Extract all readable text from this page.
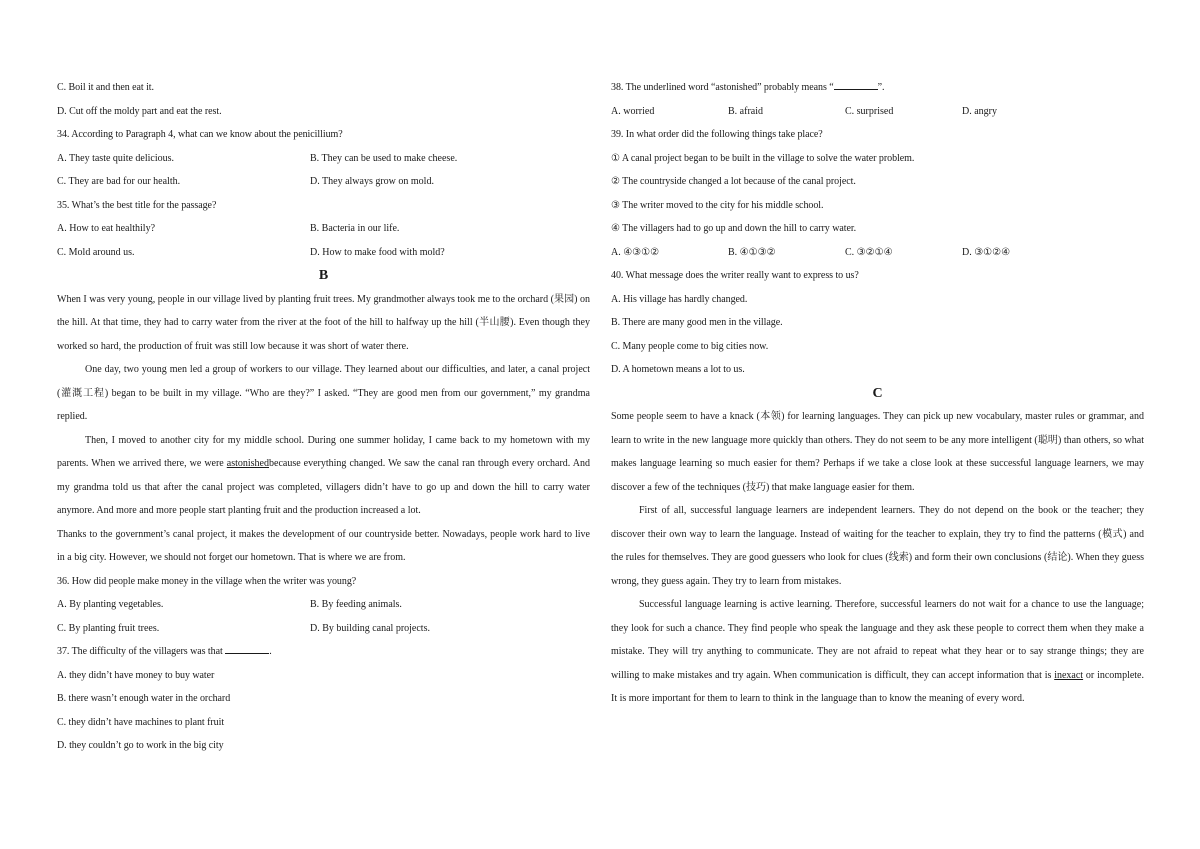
C. Boil it and then eat it.
D. Cut off the moldy part and eat the rest.
34. According to Paragraph 4, what can we know about the penicillium?
A. They taste quite delicious.	B. They can be used to make cheese.
C. They are bad for our health.	D. They always grow on mold.
35. What’s the best title for the passage?
A. How to eat healthily?	B. Bacteria in our life.
C. Mold around us.	D. How to make food with mold?
B
When I was very young, people in our village lived by planting fruit trees. My grandmother always took me to the orchard (果园) on the hill. At that time, they had to carry water from the river at the foot of the hill to halfway up the hill (半山腰). Even though they worked so hard, the production of fruit was still low because it was short of water there.
One day, two young men led a group of workers to our village. They learned about our difficulties, and later, a canal project (灌溉工程) began to be built in my village. “Who are they?” I asked. “They are good men from our government,” my grandma replied.
Then, I moved to another city for my middle school. During one summer holiday, I came back to my hometown with my parents. When we arrived there, we were astonishedbecause everything changed. We saw the canal ran through every orchard. And my grandma told us that after the canal project was completed, villagers didn’t have to go up and down the hill to carry water anymore. And more and more people start planting fruit and the production increased a lot.
Thanks to the government’s canal project, it makes the development of our countryside better. Nowadays, people work hard to live in a big city. However, we should not forget our hometown. That is where we are from.
36. How did people make money in the village when the writer was young?
A. By planting vegetables.	B. By feeding animals.
C. By planting fruit trees.	D. By building canal projects.
37. The difficulty of the villagers was that	.
A. they didn’t have money to buy water
B. there wasn’t enough water in the orchard
C. they didn’t have machines to plant fruit
D. they couldn’t go to work in the big city
38. The underlined word “astonished” probably means “	”.
A. worried	B. afraid	C. surprised	D. angry
39. In what order did the following things take place?
① A canal project began to be built in the village to solve the water problem.
② The countryside changed a lot because of the canal project.
③ The writer moved to the city for his middle school.
④ The villagers had to go up and down the hill to carry water.
A. ④③①②	B. ④①③②	C. ③②①④	D. ③①②④
40. What message does the writer really want to express to us?
A. His village has hardly changed.
B. There are many good men in the village.
C. Many people come to big cities now.
D. A hometown means a lot to us.
C
Some people seem to have a knack (本领) for learning languages. They can pick up new vocabulary, master rules or grammar, and learn to write in the new language more quickly than others. They do not seem to be any more intelligent (聪明) than others, so what makes language learning so much easier for them? Perhaps if we take a close look at these successful language learners, we may discover a few of the techniques (技巧) that make language easier for them.
First of all, successful language learners are independent learners. They do not depend on the book or the teacher; they discover their own way to learn the language. Instead of waiting for the teacher to explain, they try to find the patterns (模式) and the rules for themselves. They are good guessers who look for clues (线索) and form their own conclusions (结论). When they guess wrong, they guess again. They try to learn from mistakes.
Successful language learning is active learning. Therefore, successful learners do not wait for a chance to use the language; they look for such a chance. They find people who speak the language and they ask these people to correct them when they make a mistake. They will try anything to communicate. They are not afraid to repeat what they hear or to say strange things; they are willing to make mistakes and try again. When communication is difficult, they can accept information that is inexact or incomplete. It is more important for them to learn to think in the language than to know the meaning of every word.
